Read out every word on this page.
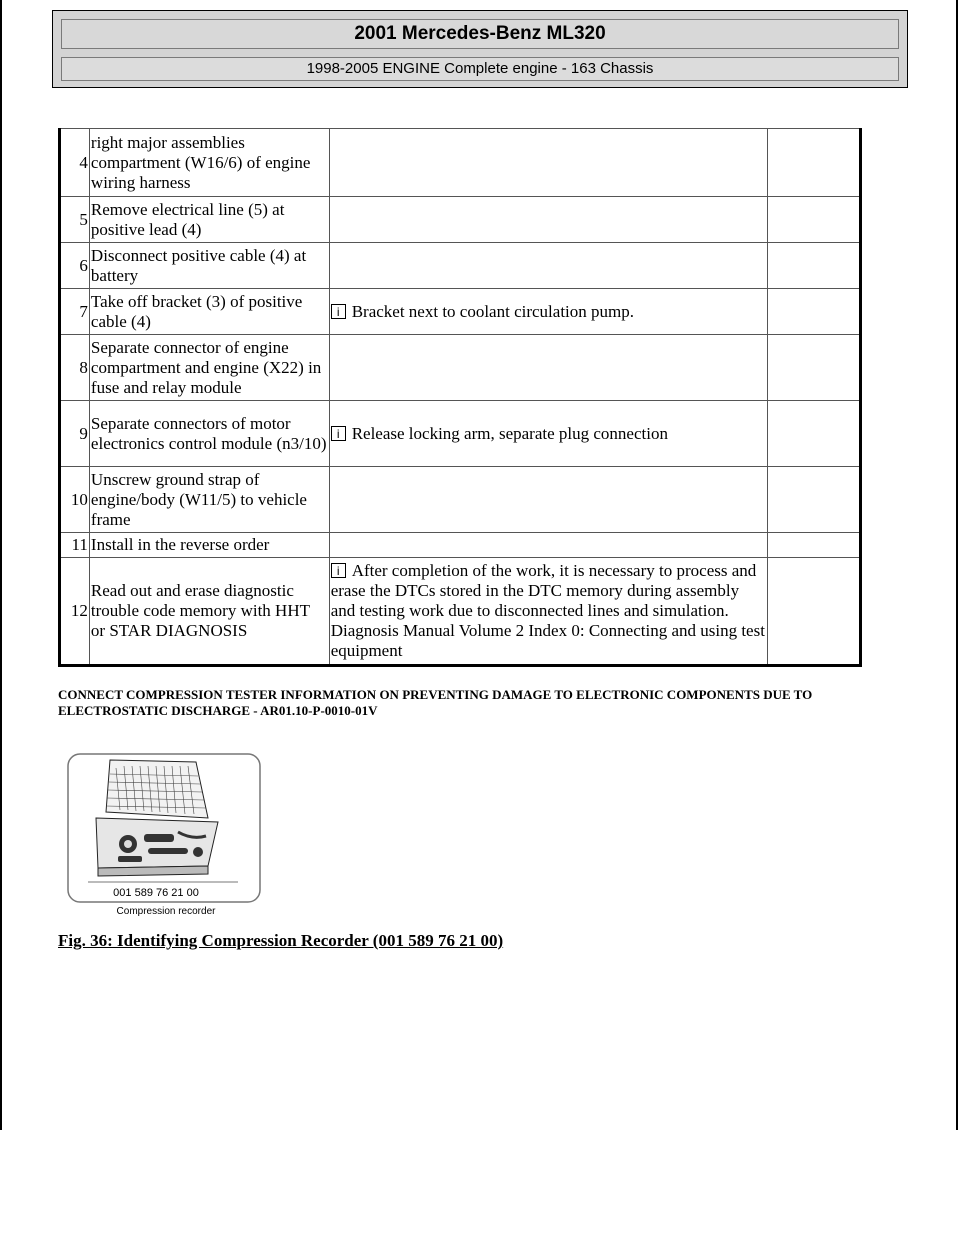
2001 Mercedes-Benz ML320
1998-2005 ENGINE Complete engine - 163 Chassis
4	right major assemblies compartment (W16/6) of engine wiring harness		
5	Remove electrical line (5) at positive lead (4)		
6	Disconnect positive cable (4) at battery		
7	Take off bracket (3) of positive cable (4)	i Bracket next to coolant circulation pump.	
8	Separate connector of engine compartment and engine (X22) in fuse and relay module		
9	Separate connectors of motor electronics control module (n3/10)	i Release locking arm, separate plug connection	
10	Unscrew ground strap of engine/body (W11/5) to vehicle frame		
11	Install in the reverse order		
12	Read out and erase diagnostic trouble code memory with HHT or STAR DIAGNOSIS	i After completion of the work, it is necessary to process and erase the DTCs stored in the DTC memory during assembly and testing work due to disconnected lines and simulation. Diagnosis Manual Volume 2 Index 0: Connecting and using test equipment	
CONNECT COMPRESSION TESTER INFORMATION ON PREVENTING DAMAGE TO ELECTRONIC COMPONENTS DUE TO ELECTROSTATIC DISCHARGE - AR01.10-P-0010-01V
001 589 76 21 00
Compression recorder
Fig. 36: Identifying Compression Recorder (001 589 76 21 00)
